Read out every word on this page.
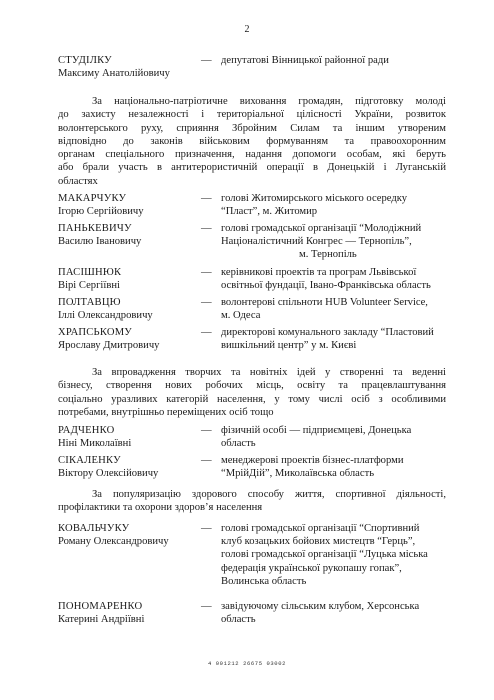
2
СТУДІЛКУ
Максиму Анатолійовичу
— депутатові Вінницької районної ради
За національно-патріотичне виховання громадян, підготовку молоді
до захисту незалежності і територіальної цілісності України, розвиток
волонтерського руху, сприяння Збройним Силам та іншим утвореним
відповідно до законів військовим формуванням та правоохоронним
органам спеціального призначення, надання допомоги особам, які беруть
або брали участь в антитерористичній операції в Донецькій і Луганській
областях
МАКАРЧУКУ
Ігорю Сергійовичу
— голові Житомирського міського осередку
“Пласт”, м. Житомир
ПАНЬКЕВИЧУ
Василю Івановичу
— голові громадської організації “Молодіжний
Націоналістичний Конгрес — Тернопіль”,
м. Тернопіль
ПАСІШНЮК
Вірі Сергіївні
— керівникові проектів та програм Львівської
освітньої фундації, Івано-Франківська область
ПОЛТАВЦЮ
Іллі Олександровичу
— волонтерові спільноти HUB Volunteer Service,
м. Одеса
ХРАПСЬКОМУ
Ярославу Дмитровичу
— директорові комунального закладу “Пластовий
вишкільний центр” у м. Києві
За впровадження творчих та новітніх ідей у створенні та веденні
бізнесу, створення нових робочих місць, освіту та працевлаштування
соціально уразливих категорій населення, у тому числі осіб з особливими
потребами, внутрішньо переміщених осіб тощо
РАДЧЕНКО
Ніні Миколаївні
— фізичній особі — підприємцеві, Донецька
область
СІКАЛЕНКУ
Віктору Олексійовичу
— менеджерові проектів бізнес-платформи
“МрійДій”, Миколаївська область
За популяризацію здорового способу життя, спортивної діяльності,
профілактики та охорони здоров’я населення
КОВАЛЬЧУКУ
Роману Олександровичу
— голові громадської організації “Спортивний
клуб козацьких бойових мистецтв “Герць”,
голові громадської організації “Луцька міська
федерація української рукопашу гопак”,
Волинська область
ПОНОМАРЕНКО
Катерині Андріївні
— завідуючому сільським клубом, Херсонська
область
4 001212 26675 03002
